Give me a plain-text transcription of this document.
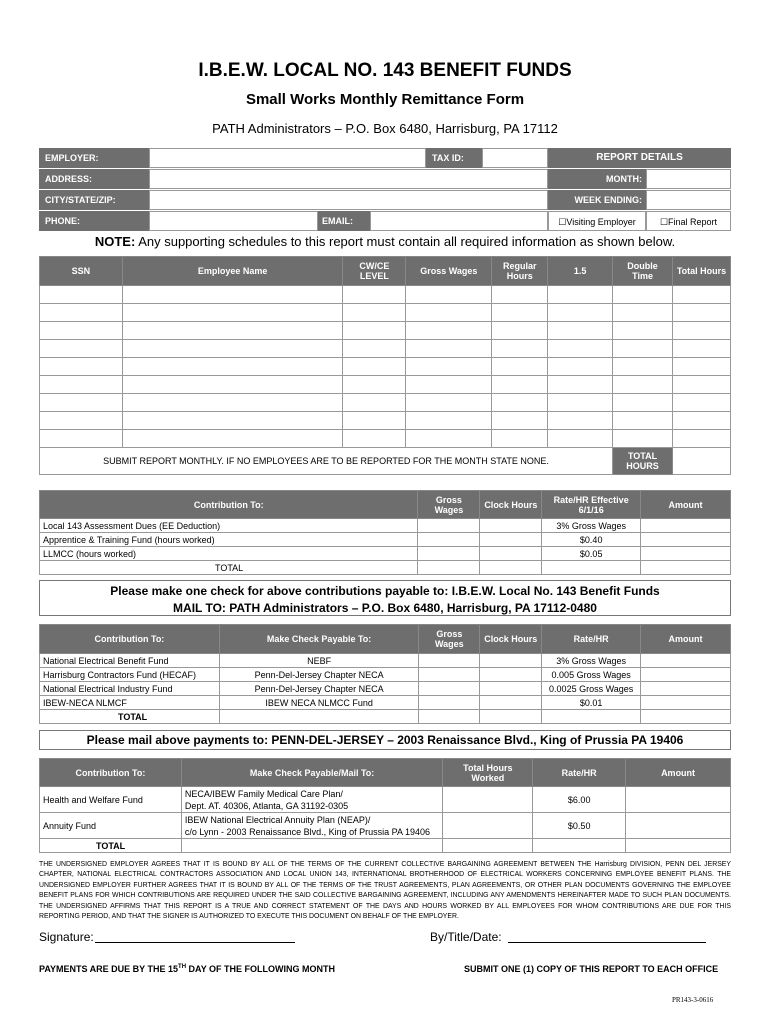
I.B.E.W. LOCAL NO. 143 BENEFIT FUNDS
Small Works Monthly Remittance Form
PATH Administrators – P.O. Box 6480, Harrisburg, PA 17112
EMPLOYER:	TAX ID:	REPORT DETAILS
ADDRESS:	MONTH:
CITY/STATE/ZIP:	WEEK ENDING:
PHONE:	EMAIL:	☐Visiting Employer	☐Final Report
NOTE: Any supporting schedules to this report must contain all required information as shown below.
SSN	Employee Name	CW/CE LEVEL	Gross Wages	Regular Hours	1.5	Double Time	Total Hours

SUBMIT REPORT MONTHLY. IF NO EMPLOYEES ARE TO BE REPORTED FOR THE MONTH STATE NONE.						TOTAL HOURS	
Contribution To:	Gross Wages	Clock Hours	Rate/HR Effective 6/1/16	Amount
Local 143 Assessment Dues (EE Deduction)			3% Gross Wages	
Apprentice & Training Fund (hours worked)			$0.40	
LLMCC (hours worked)			$0.05	
TOTAL				
Please make one check for above contributions payable to: I.B.E.W. Local No. 143 Benefit Funds
MAIL TO: PATH Administrators – P.O. Box 6480, Harrisburg, PA 17112-0480
Contribution To:	Make Check Payable To:	Gross Wages	Clock Hours	Rate/HR	Amount
National Electrical Benefit Fund	NEBF			3% Gross Wages	
Harrisburg Contractors Fund (HECAF)	Penn-Del-Jersey Chapter NECA			0.005 Gross Wages	
National Electrical Industry Fund	Penn-Del-Jersey Chapter NECA			0.0025 Gross Wages	
IBEW-NECA NLMCF	IBEW NECA NLMCC Fund			$0.01	
TOTAL					
Please mail above payments to: PENN-DEL-JERSEY – 2003 Renaissance Blvd., King of Prussia PA 19406
Contribution To:	Make Check Payable/Mail To:	Total Hours Worked	Rate/HR	Amount
Health and Welfare Fund	NECA/IBEW Family Medical Care Plan/
Dept. AT. 40306, Atlanta, GA 31192-0305		$6.00	
Annuity Fund	IBEW National Electrical Annuity Plan (NEAP)/
c/o Lynn - 2003 Renaissance Blvd., King of Prussia PA 19406		$0.50	
TOTAL				
THE UNDERSIGNED EMPLOYER AGREES THAT IT IS BOUND BY ALL OF THE TERMS OF THE CURRENT COLLECTIVE BARGAINING AGREEMENT BETWEEN THE Harrisburg DIVISION, PENN DEL JERSEY CHAPTER, NATIONAL ELECTRICAL CONTRACTORS ASSOCIATION AND LOCAL UNION 143, INTERNATIONAL BROTHERHOOD OF ELECTRICAL WORKERS CONCERNING EMPLOYEE BENEFIT PLANS. THE UNDERSIGNED EMPLOYER FURTHER AGREES THAT IT IS BOUND BY ALL OF THE TERMS OF THE TRUST AGREEMENTS, PLAN AGREEMENTS, OR OTHER PLAN DOCUMENTS GOVERNING THE EMPLOYEE BENEFIT PLANS FOR WHICH CONTRIBUTIONS ARE REQUIRED UNDER THE SAID COLLECTIVE BARGAINING AGREEMENT, INCLUDING ANY AMENDMENTS HEREINAFTER MADE TO SUCH PLAN DOCUMENTS. THE UNDERSIGNED AFFIRMS THAT THIS REPORT IS A TRUE AND CORRECT STATEMENT OF THE DAYS AND HOURS WORKED BY ALL EMPLOYEES FOR WHOM CONTRIBUTIONS ARE DUE FOR THIS REPORTING PERIOD, AND THAT THE SIGNER IS AUTHORIZED TO EXECUTE THIS DOCUMENT ON BEHALF OF THE EMPLOYER.
Signature:	By/Title/Date:
PAYMENTS ARE DUE BY THE 15TH DAY OF THE FOLLOWING MONTH	SUBMIT ONE (1) COPY OF THIS REPORT TO EACH OFFICE
PR143-3-0616
